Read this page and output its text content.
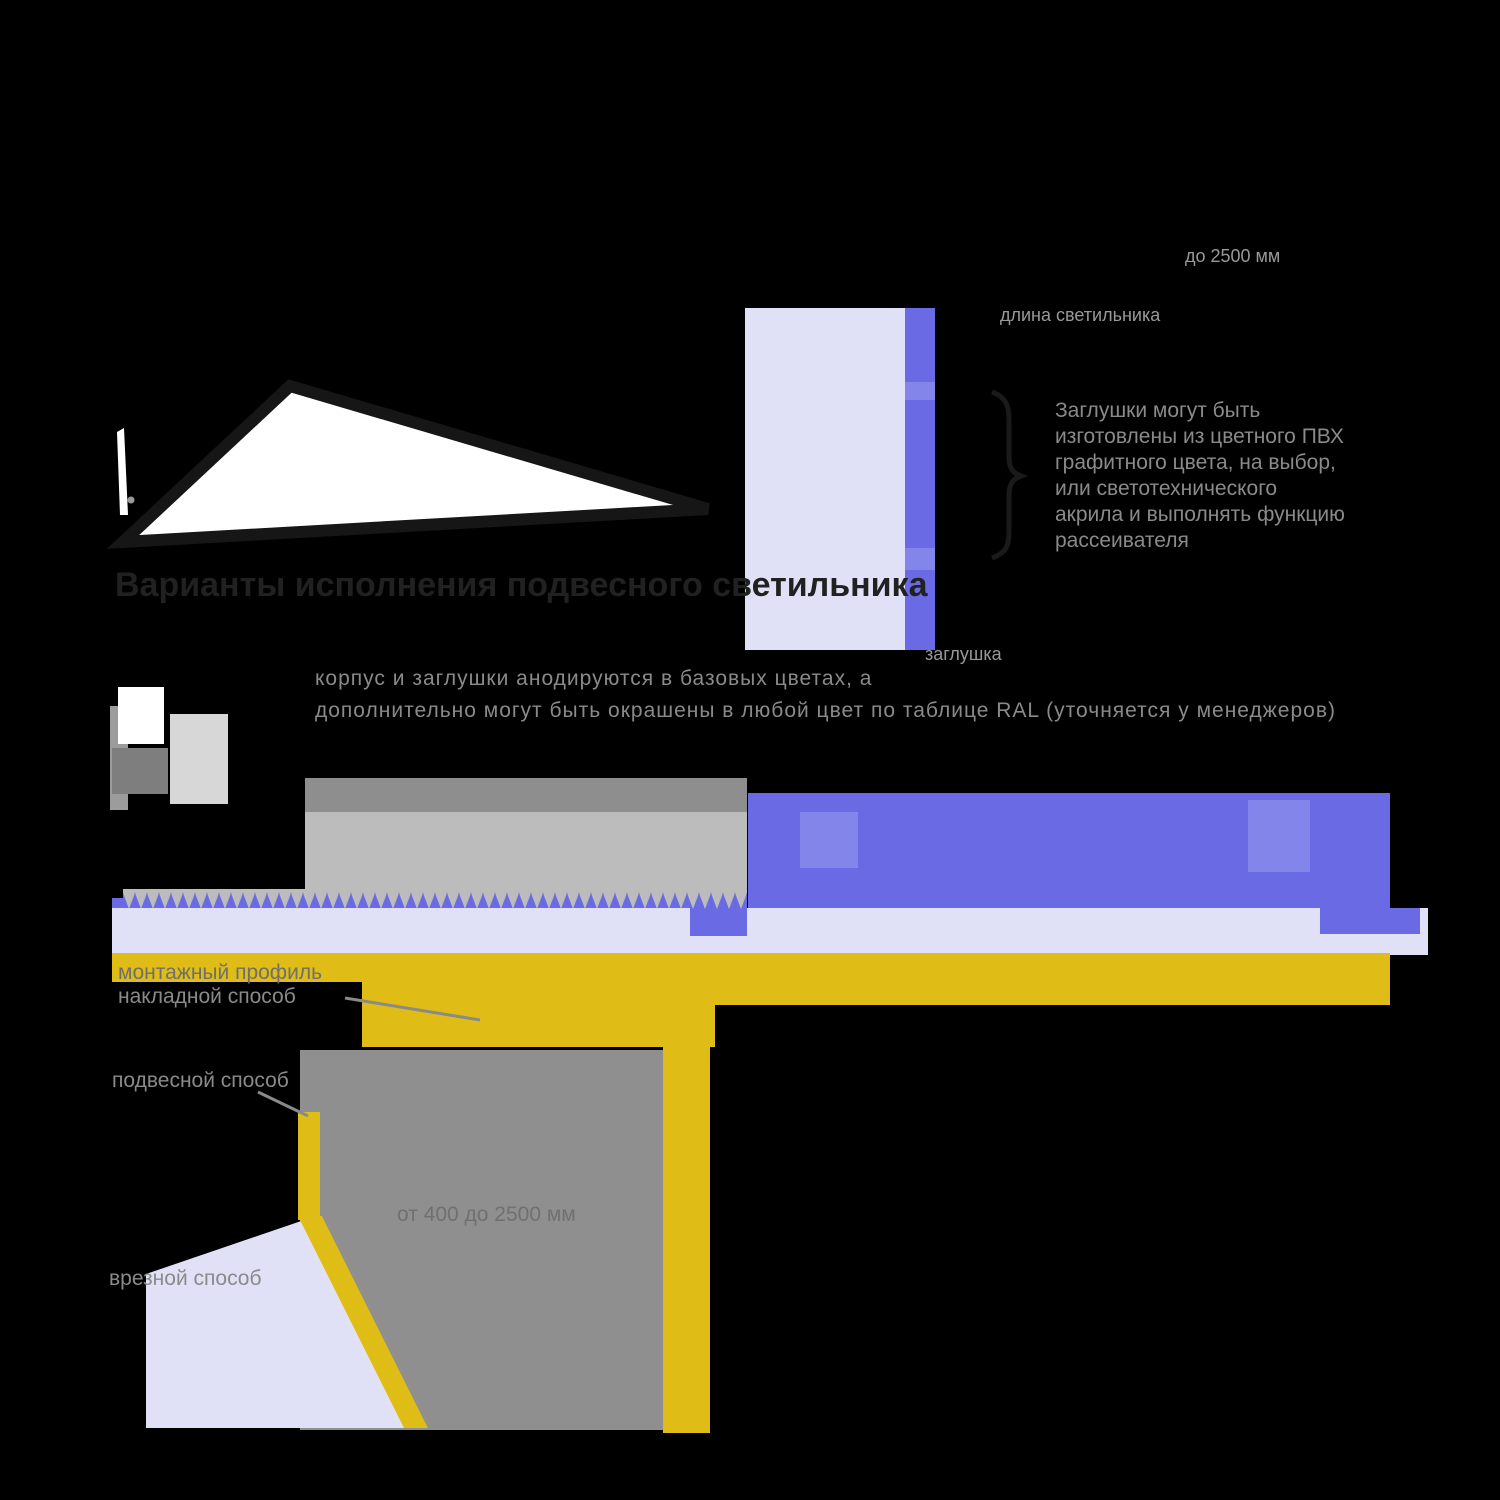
Варианты исполнения подвесного светильника
корпус и заглушки анодируются в базовых цветах, а
дополнительно могут быть окрашены в любой цвет по таблице RAL (уточняется у менеджеров)
Заглушки могут быть
изготовлены из цветного ПВХ
графитного цвета, на выбор,
или светотехнического
акрила и выполнять функцию
рассеивателя
монтажный профиль
накладной способ
подвесной способ
врезной способ
от 400 до 2500 мм
длина светильника
до 2500 мм
заглушка
